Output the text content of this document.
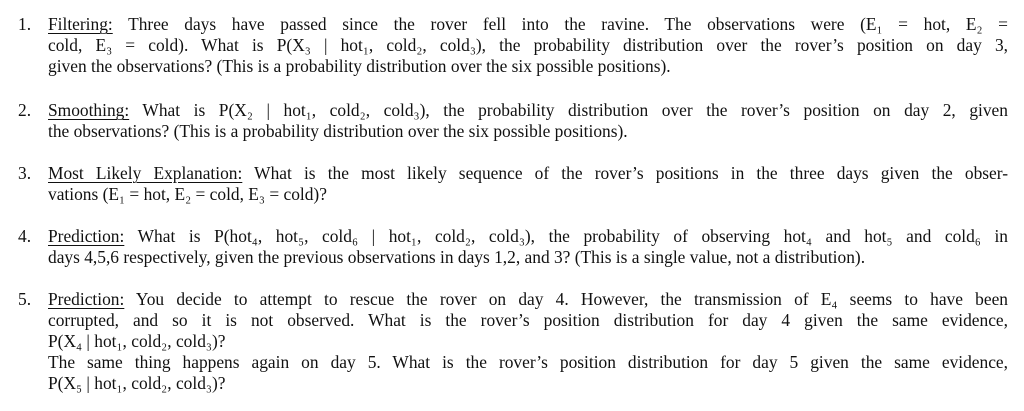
1. Filtering: Three days have passed since the rover fell into the ravine. The observations were (E₁ = hot, E₂ =
cold, E₃ = cold). What is P(X₃ | hot₁, cold₂, cold₃), the probability distribution over the rover’s position on day 3,
given the observations? (This is a probability distribution over the six possible positions).
2. Smoothing: What is P(X₂ | hot₁, cold₂, cold₃), the probability distribution over the rover’s position on day 2, given
the observations? (This is a probability distribution over the six possible positions).
3. Most Likely Explanation: What is the most likely sequence of the rover’s positions in the three days given the obser-
vations (E₁ = hot, E₂ = cold, E₃ = cold)?
4. Prediction: What is P(hot₄, hot₅, cold₆ | hot₁, cold₂, cold₃), the probability of observing hot₄ and hot₅ and cold₆ in
days 4,5,6 respectively, given the previous observations in days 1,2, and 3? (This is a single value, not a distribution).
5. Prediction: You decide to attempt to rescue the rover on day 4. However, the transmission of E₄ seems to have been
corrupted, and so it is not observed. What is the rover’s position distribution for day 4 given the same evidence,
P(X₄ | hot₁, cold₂, cold₃)?
The same thing happens again on day 5. What is the rover’s position distribution for day 5 given the same evidence,
P(X₅ | hot₁, cold₂, cold₃)?
